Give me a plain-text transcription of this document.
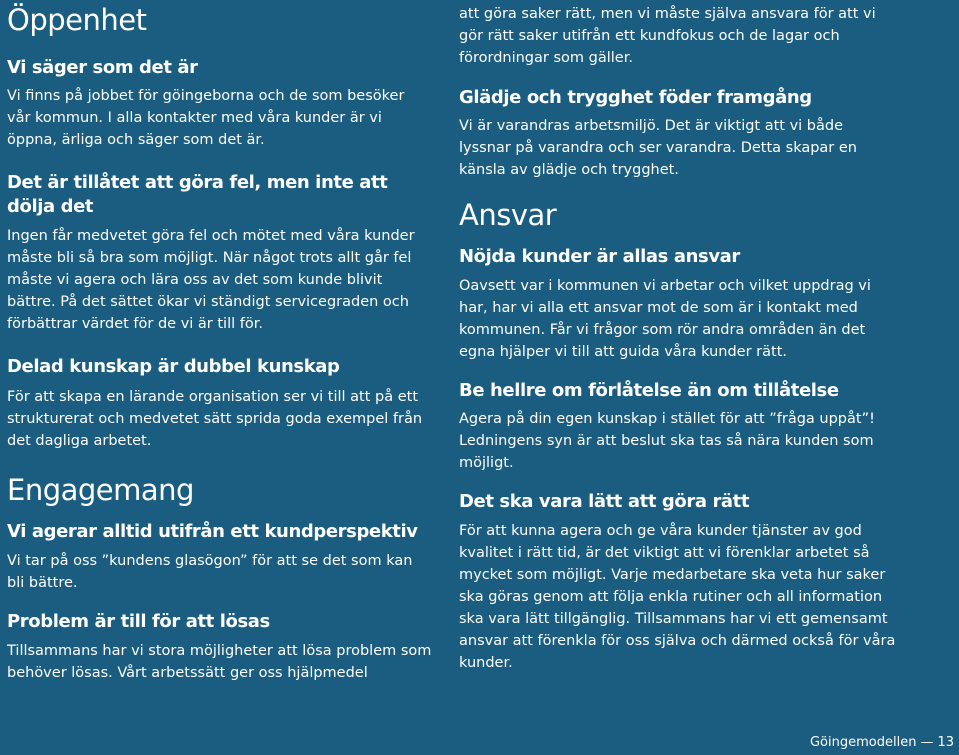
Öppenhet
Vi säger som det är

Vi finns på jobbet för göingeborna och de som besöker vår kommun. I alla kontakter med våra kunder är vi öppna, ärliga och säger som det är.

Det är tillåtet att göra fel, men inte att dölja det

Ingen får medvetet göra fel och mötet med våra kunder måste bli så bra som möjligt. När något trots allt går fel måste vi agera och lära oss av det som kunde blivit bättre. På det sättet ökar vi ständigt servicegraden och förbättrar värdet för de vi är till för.

Delad kunskap är dubbel kunskap

För att skapa en lärande organisation ser vi till att på ett strukturerat och medvetet sätt sprida goda exempel från det dagliga arbetet.

Engagemang
Vi agerar alltid utifrån ett kundperspektiv

Vi tar på oss ”kundens glasögon” för att se det som kan bli bättre.

Problem är till för att lösas

Tillsammans har vi stora möjligheter att lösa problem som behöver lösas. Vårt arbetssätt ger oss hjälpmedel

att göra saker rätt, men vi måste själva ansvara för att vi gör rätt saker utifrån ett kundfokus och de lagar och förordningar som gäller.

Glädje och trygghet föder framgång

Vi är varandras arbetsmiljö. Det är viktigt att vi både lyssnar på varandra och ser varandra. Detta skapar en känsla av glädje och trygghet.

Ansvar
Nöjda kunder är allas ansvar

Oavsett var i kommunen vi arbetar och vilket uppdrag vi har, har vi alla ett ansvar mot de som är i kontakt med kommunen. Får vi frågor som rör andra områden än det egna hjälper vi till att guida våra kunder rätt.

Be hellre om förlåtelse än om tillåtelse

Agera på din egen kunskap i stället för att ”fråga uppåt”! Ledningens syn är att beslut ska tas så nära kunden som möjligt.

Det ska vara lätt att göra rätt

För att kunna agera och ge våra kunder tjänster av god kvalitet i rätt tid, är det viktigt att vi förenklar arbetet så mycket som möjligt. Varje medarbetare ska veta hur saker ska göras genom att följa enkla rutiner och all information ska vara lätt tillgänglig. Tillsammans har vi ett gemensamt ansvar att förenkla för oss själva och därmed också för våra kunder.

Göingemodellen — 13
